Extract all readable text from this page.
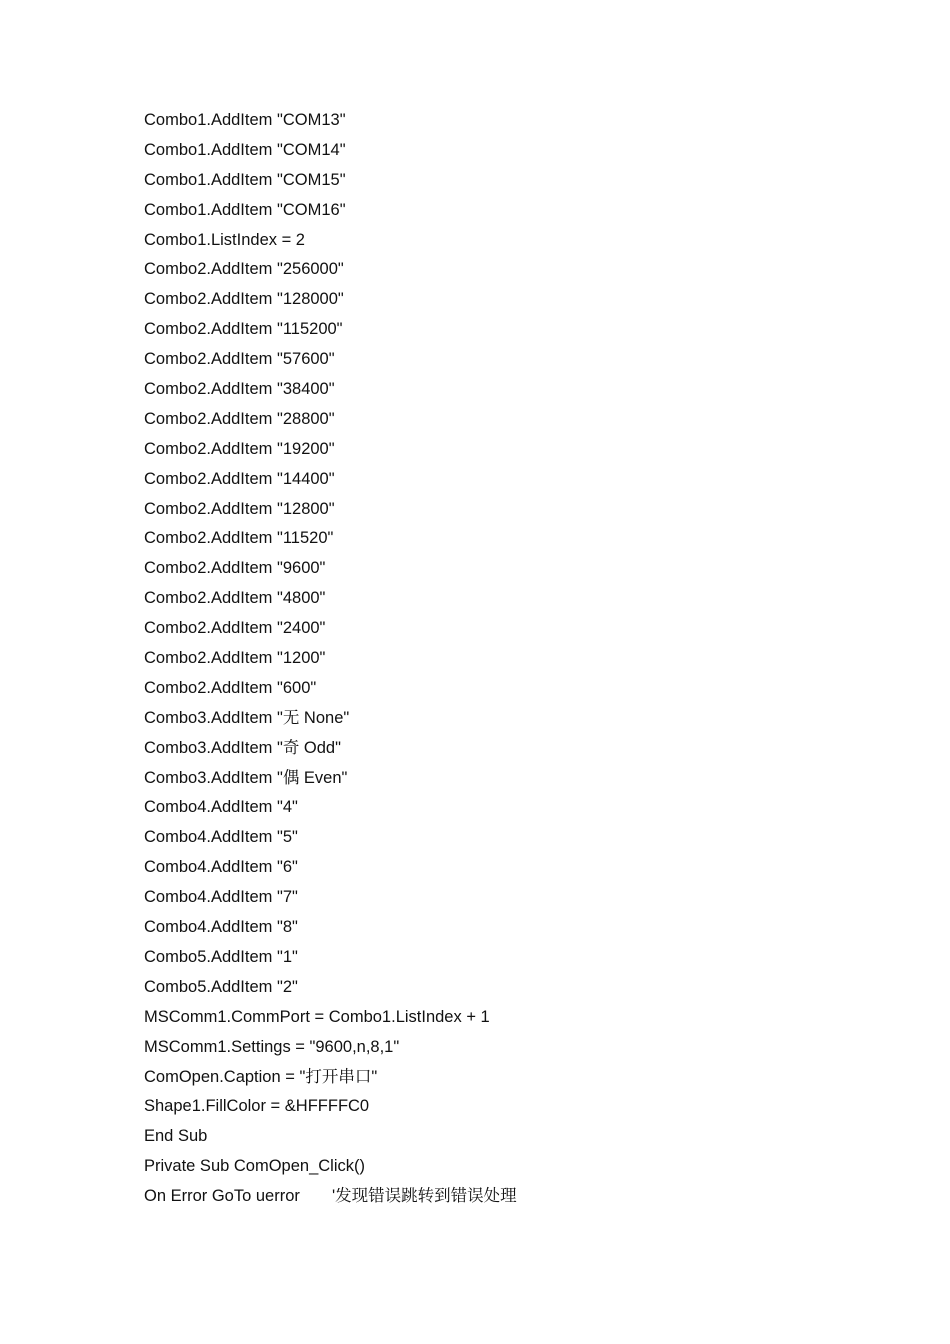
Combo1.AddItem "COM13"
Combo1.AddItem "COM14"
Combo1.AddItem "COM15"
Combo1.AddItem "COM16"
Combo1.ListIndex = 2
Combo2.AddItem "256000"
Combo2.AddItem "128000"
Combo2.AddItem "115200"
Combo2.AddItem "57600"
Combo2.AddItem "38400"
Combo2.AddItem "28800"
Combo2.AddItem "19200"
Combo2.AddItem "14400"
Combo2.AddItem "12800"
Combo2.AddItem "11520"
Combo2.AddItem "9600"
Combo2.AddItem "4800"
Combo2.AddItem "2400"
Combo2.AddItem "1200"
Combo2.AddItem "600"
Combo3.AddItem "无 None"
Combo3.AddItem "奇 Odd"
Combo3.AddItem "偶 Even"
Combo4.AddItem "4"
Combo4.AddItem "5"
Combo4.AddItem "6"
Combo4.AddItem "7"
Combo4.AddItem "8"
Combo5.AddItem "1"
Combo5.AddItem "2"
MSComm1.CommPort = Combo1.ListIndex + 1
MSComm1.Settings = "9600,n,8,1"
ComOpen.Caption = "打开串口"
Shape1.FillColor = &HFFFFC0
End Sub
Private Sub ComOpen_Click()
On Error GoTo uerror       '发现错误跳转到错误处理
